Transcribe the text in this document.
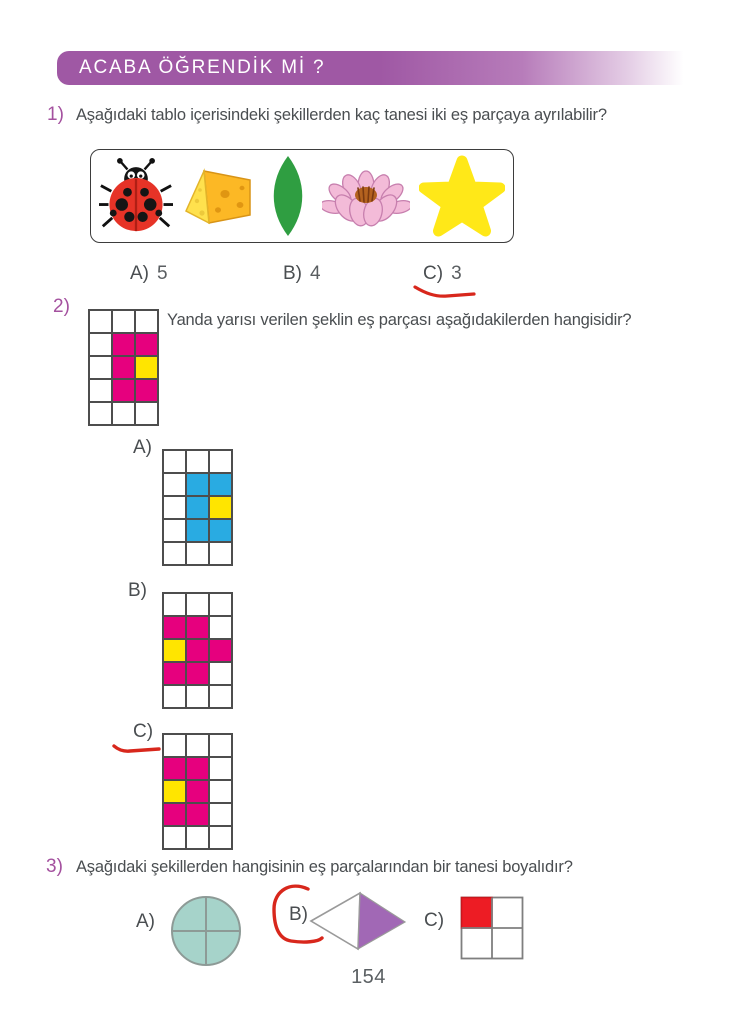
ACABA ÖĞRENDİK Mİ ?
1) Aşağıdaki tablo içerisindeki şekillerden kaç tanesi iki eş parçaya ayrılabilir?
A) 5	B) 4	C) 3
2)
Yanda yarısı verilen şeklin eş parçası aşağıdakilerden hangisidir?
A)
B)
C)
3) Aşağıdaki şekillerden hangisinin eş parçalarından bir tanesi boyalıdır?
A)	B)	C)
154
